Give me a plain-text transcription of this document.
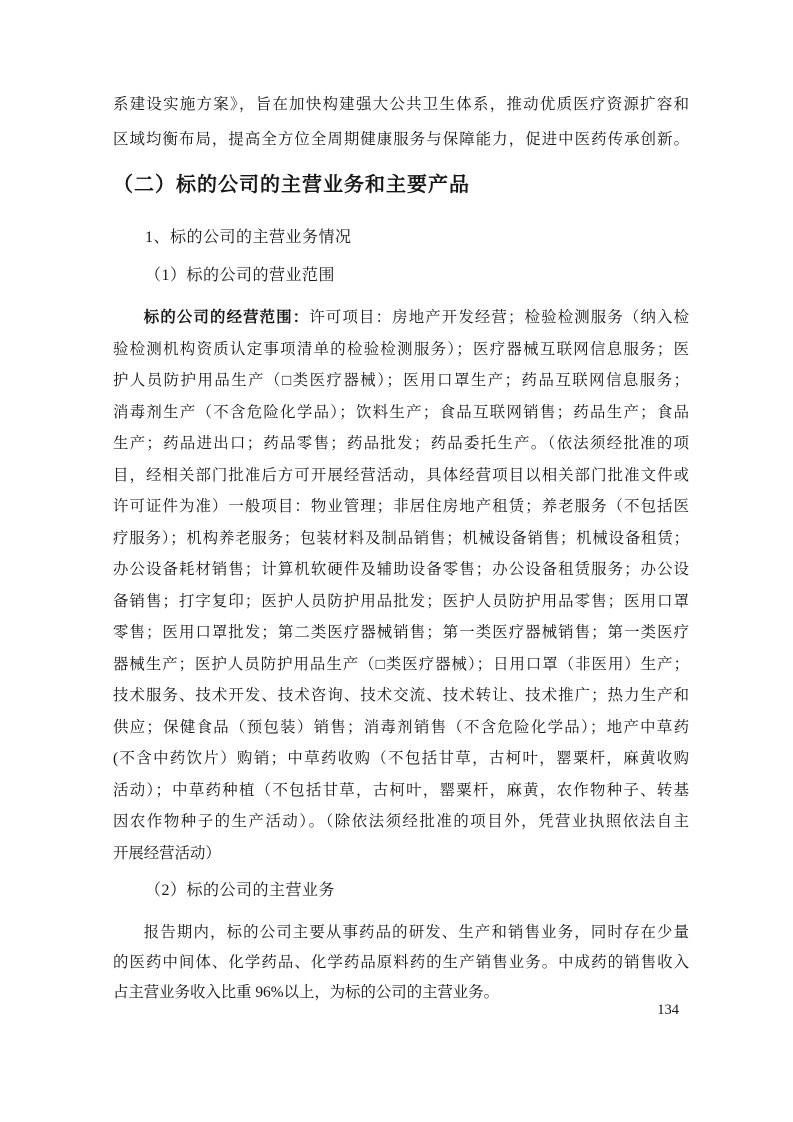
系建设实施方案》，旨在加快构建强大公共卫生体系，推动优质医疗资源扩容和
区域均衡布局，提高全方位全周期健康服务与保障能力，促进中医药传承创新。
（二）标的公司的主营业务和主要产品

1、标的公司的主营业务情况

（1）标的公司的营业范围

标的公司的经营范围：许可项目：房地产开发经营；检验检测服务（纳入检
验检测机构资质认定事项清单的检验检测服务）；医疗器械互联网信息服务；医
护人员防护用品生产（□类医疗器械）；医用口罩生产；药品互联网信息服务；
消毒剂生产（不含危险化学品）；饮料生产；食品互联网销售；药品生产；食品
生产；药品进出口；药品零售；药品批发；药品委托生产。（依法须经批准的项
目，经相关部门批准后方可开展经营活动，具体经营项目以相关部门批准文件或
许可证件为准）一般项目：物业管理；非居住房地产租赁；养老服务（不包括医
疗服务）；机构养老服务；包装材料及制品销售；机械设备销售；机械设备租赁；
办公设备耗材销售；计算机软硬件及辅助设备零售；办公设备租赁服务；办公设
备销售；打字复印；医护人员防护用品批发；医护人员防护用品零售；医用口罩
零售；医用口罩批发；第二类医疗器械销售；第一类医疗器械销售；第一类医疗
器械生产；医护人员防护用品生产（□类医疗器械）；日用口罩（非医用）生产；
技术服务、技术开发、技术咨询、技术交流、技术转让、技术推广；热力生产和
供应；保健食品（预包装）销售；消毒剂销售（不含危险化学品）；地产中草药
(不含中药饮片）购销；中草药收购（不包括甘草，古柯叶，罂粟杆，麻黄收购
活动）；中草药种植（不包括甘草，古柯叶，罂粟杆，麻黄，农作物种子、转基
因农作物种子的生产活动）。（除依法须经批准的项目外，凭营业执照依法自主
开展经营活动）

（2）标的公司的主营业务

报告期内，标的公司主要从事药品的研发、生产和销售业务，同时存在少量
的医药中间体、化学药品、化学药品原料药的生产销售业务。中成药的销售收入
占主营业务收入比重 96%以上，为标的公司的主营业务。
134
